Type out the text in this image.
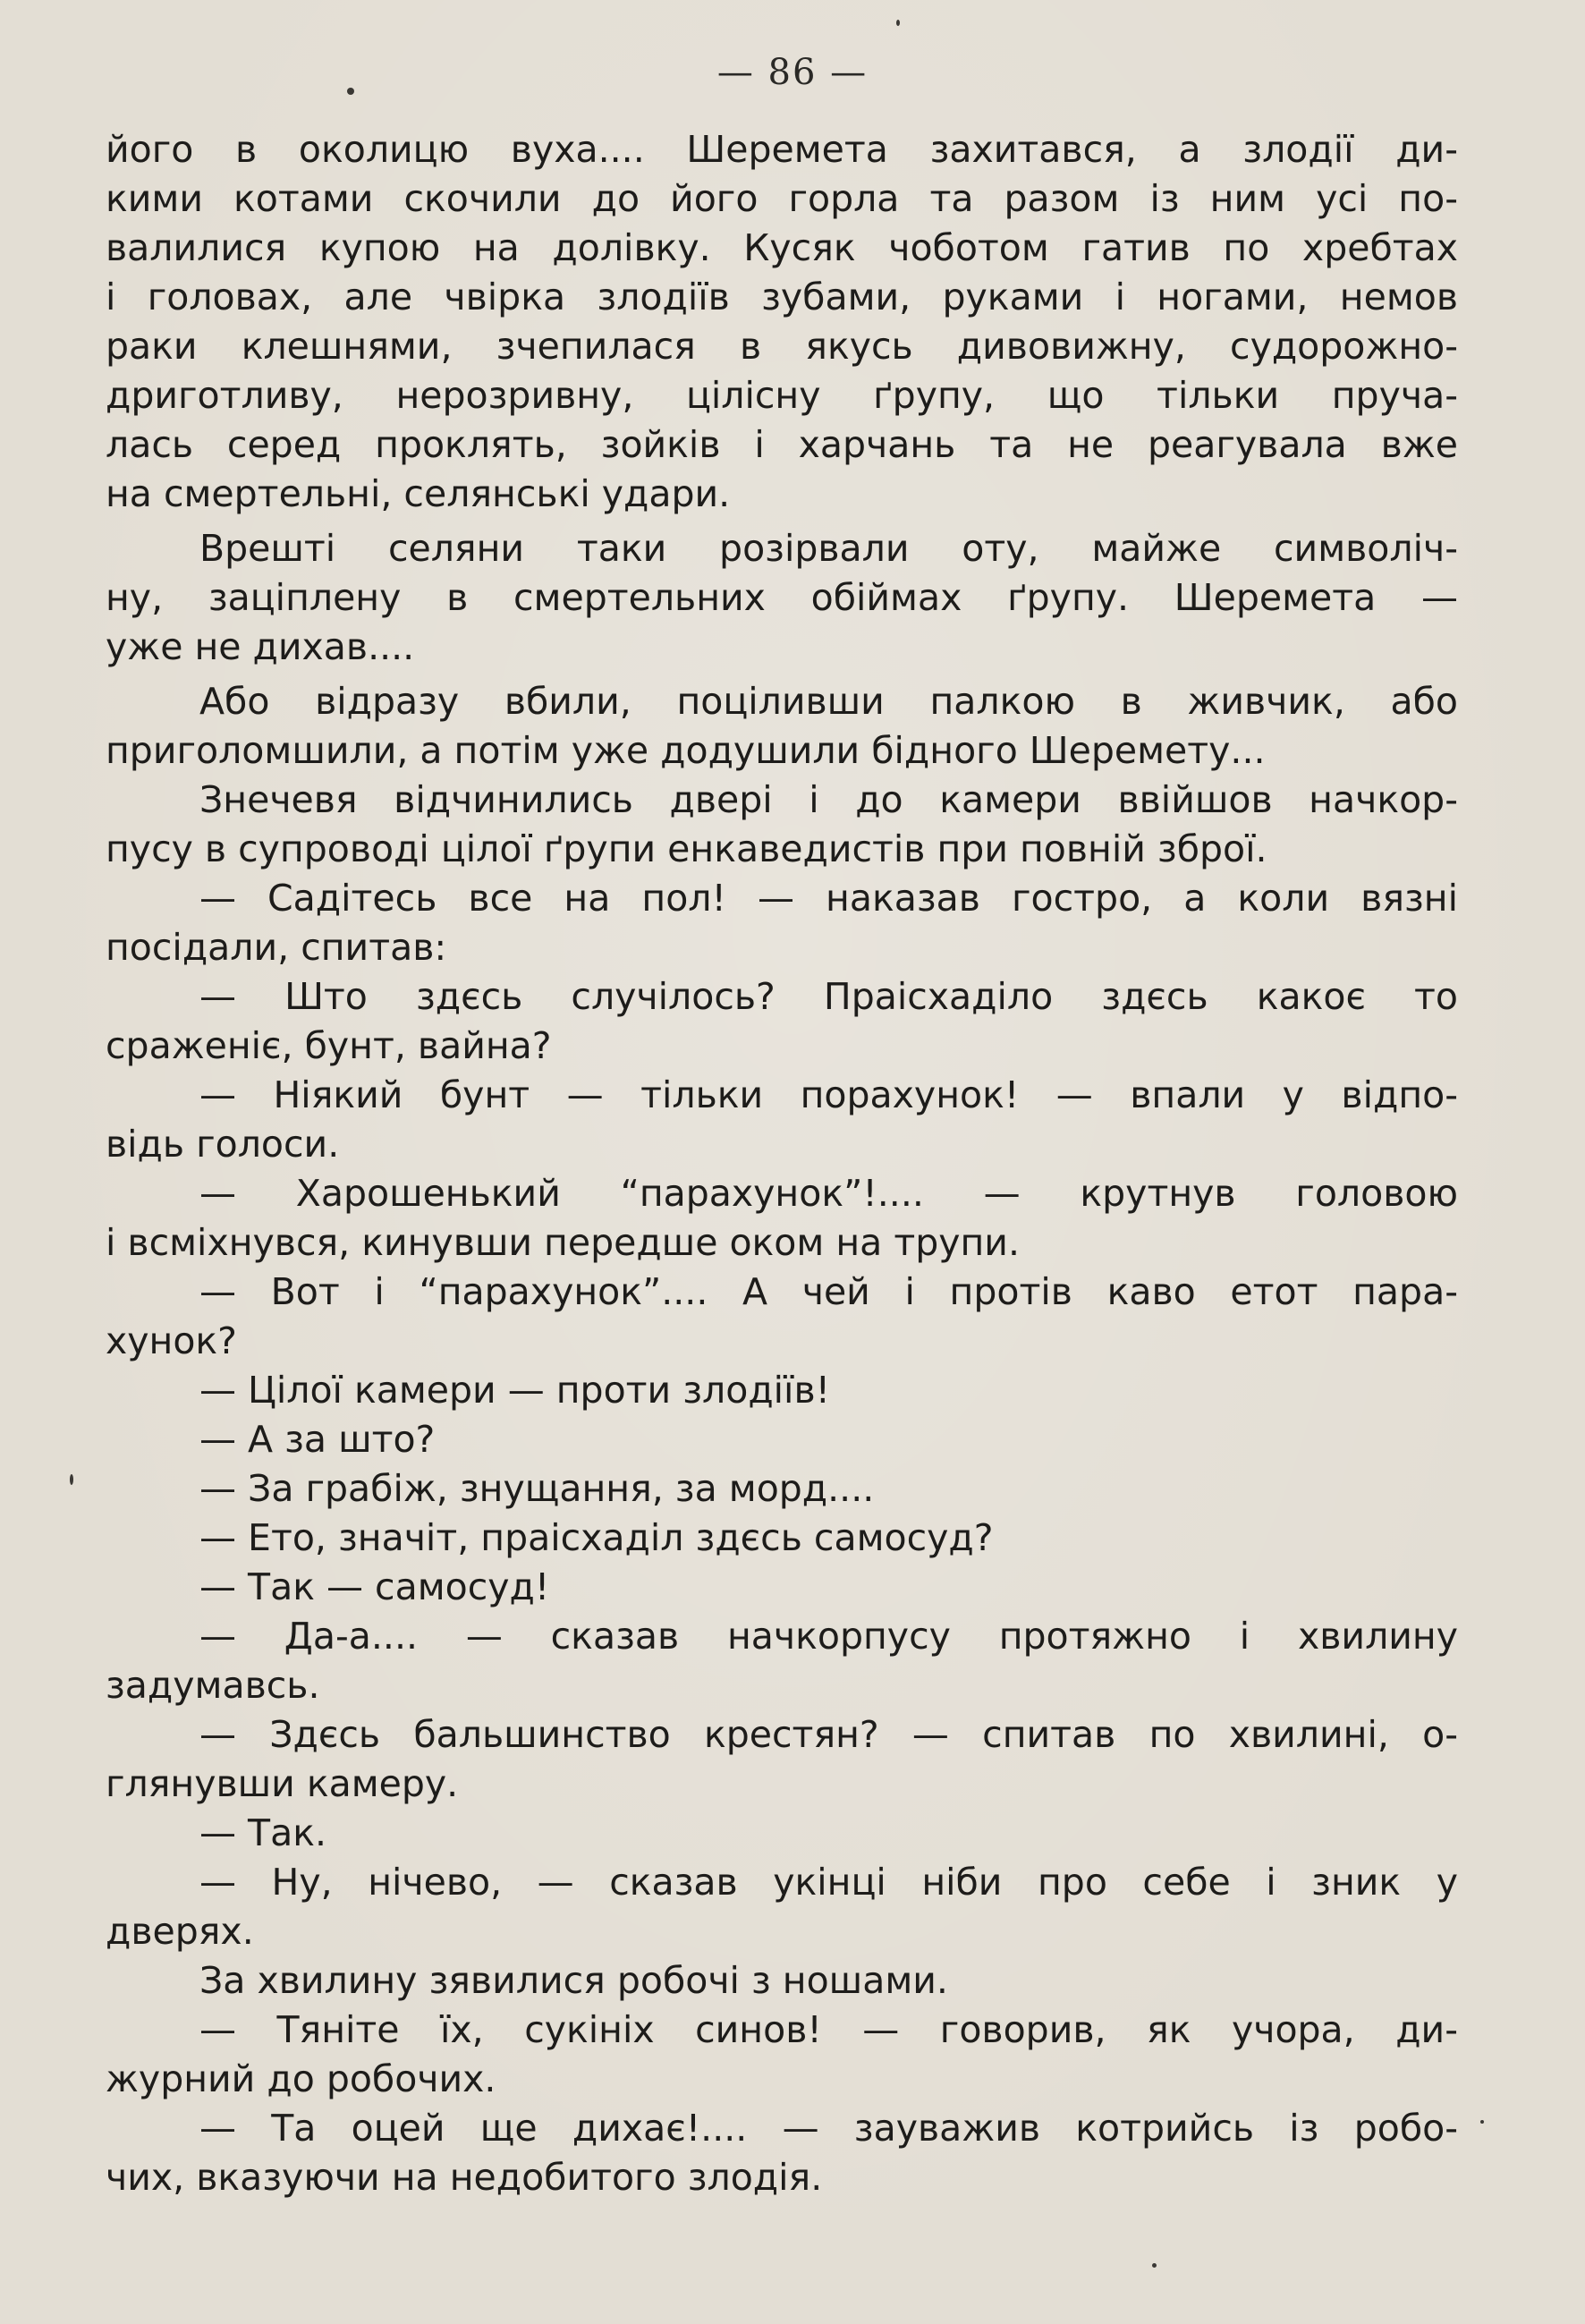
— 86 —
його в околицю вуха.... Шеремета захитався, а злодії ди-
кими котами скочили до його горла та разом із ним усі по-
валилися купою на долівку. Кусяк чоботом гатив по хребтах
і головах, але чвірка злодіїв зубами, руками і ногами, немов
раки клешнями, зчепилася в якусь дивовижну, судорожно-
дриготливу, нерозривну, цілісну ґрупу, що тільки пруча-
лась серед проклять, зойків і харчань та не реагувала вже
на смертельні, селянські удари.
Врешті селяни таки розірвали оту, майже символіч-
ну, заціплену в смертельних обіймах ґрупу. Шеремета —
уже не дихав....
Або відразу вбили, поціливши палкою в живчик, або
приголомшили, а потім уже додушили бідного Шеремету...
Знечевя відчинились двері і до камери ввійшов начкор-
пусу в супроводі цілої ґрупи енкаведистів при повній зброї.
— Садітесь все на пол! — наказав гостро, а коли вязні
посідали, спитав:
— Што здєсь случілось? Праісхаділо здєсь какоє то
сраженіє, бунт, вайна?
— Ніякий бунт — тільки порахунок! — впали у відпо-
відь голоси.
— Харошенький “парахунок”!.... — крутнув головою
і всміхнувся, кинувши передше оком на трупи.
— Вот і “парахунок”.... А чей і протів каво етот пара-
хунок?
— Цілої камери — проти злодіїв!
— А за што?
— За грабіж, знущання, за морд....
— Ето, значіт, праісхаділ здєсь самосуд?
— Так — самосуд!
— Да-а.... — сказав начкорпусу протяжно і хвилину
задумавсь.
— Здєсь бальшинство крестян? — спитав по хвилині, о-
глянувши камеру.
— Так.
— Ну, нічево, — сказав укінці ніби про себе і зник у
дверях.
За хвилину зявилися робочі з ношами.
— Тяніте їх, сукініх синов! — говорив, як учора, ди-
журний до робочих.
— Та оцей ще дихає!.... — зауважив котрийсь із робо-
чих, вказуючи на недобитого злодія.
